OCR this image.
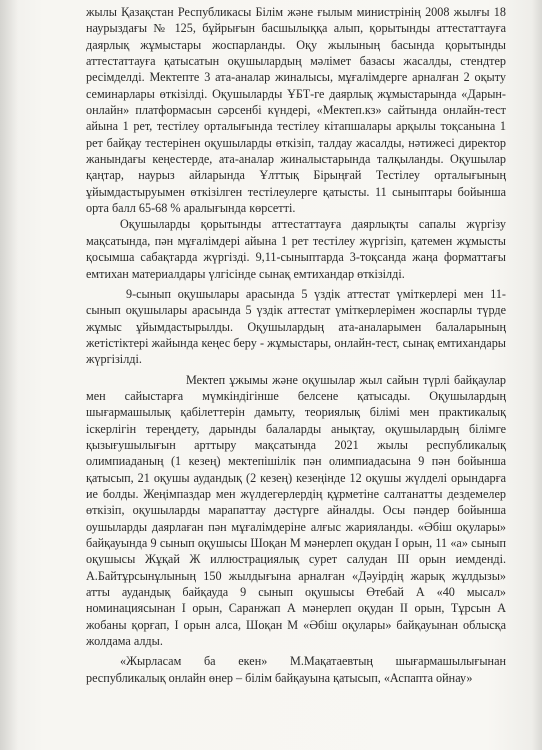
жылы Қазақстан Республикасы Білім және ғылым министрінің 2008 жылғы 18 наурыздағы № 125, бұйрығын басшылыққа алып, қорытынды аттестаттауға даярлық жұмыстары жоспарланды. Оқу жылының басында қорытынды аттестаттауға қатысатын оқушылардың мәлімет базасы жасалды, стендтер ресімделді. Мектепте 3 ата-аналар жиналысы, мұғалімдерге арналған 2 оқыту семинарлары өткізілді. Оқушыларды ҰБТ-ге даярлық жұмыстарында «Дарын-онлайн» платформасын сәрсенбі күндері, «Мектеп.кз» сайтында онлайн-тест айына 1 рет, тестілеу орталығында тестілеу кітапшалары арқылы тоқсанына 1 рет байқау тестерінен оқушыларды өткізіп, талдау жасалды, нәтижесі директор жанындағы кеңестерде, ата-аналар жиналыстарында талқыланды. Оқушылар қаңтар, наурыз айларында Ұлттық Бірыңғай Тестілеу орталығының ұйымдастыруымен өткізілген тестілеулерге қатысты. 11 сыныптары бойынша орта балл 65-68 % аралығында көрсетті.

Оқушыларды қорытынды аттестаттауға даярлықты сапалы жүргізу мақсатында, пән мұғалімдері айына 1 рет тестілеу жүргізіп, қатемен жұмысты қосымша сабақтарда жүргізді. 9,11-сыныптарда 3-тоқсанда жаңа форматтағы емтихан материалдары үлгісінде сынақ емтихандар өткізілді.

9-сынып оқушылары арасында 5 үздік аттестат үміткерлері мен 11-сынып оқушылары арасында 5 үздік аттестат үміткерлерімен жоспарлы түрде жұмыс ұйымдастырылды. Оқушылардың ата-аналарымен балаларының жетістіктері жайында кеңес беру - жұмыстары, онлайн-тест, сынақ емтихандары жүргізілді.

Мектеп ұжымы және оқушылар жыл сайын түрлі байқаулар мен сайыстарға мүмкіндігінше белсене қатысады. Оқушылардың шығармашылық қабілеттерін дамыту, теориялық білімі мен практикалық іскерлігін тереңдету, дарынды балаларды анықтау, оқушылардың білімге қызығушылығын арттыру мақсатында 2021 жылы республикалық олимпиаданың (1 кезең) мектепішілік пән олимпиадасына 9 пән бойынша қатысып, 21 оқушы аудандық (2 кезең) кезеңінде 12 оқушы жүлделі орындарға ие болды. Жеңімпаздар мен жүлдегерлердің құрметіне салтанатты дездемелер өткізіп, оқушыларды марапаттау дәстүрге айналды. Осы пәндер бойынша оушыларды даярлаған пән мұғалімдеріне алғыс жарияланды. «Әбіш оқулары» байқауында 9 сынып оқушысы Шоқан М мәнерлеп оқудан I орын, 11 «а» сынып оқушысы Жұқай Ж иллюстрациялық сурет салудан III орын иемденді. А.Байтұрсынұлының 150 жылдығына арналған «Дәуірдің жарық жұлдызы» атты аудандық байқауда 9 сынып оқушысы Өтебай А «40 мысал» номинациясынан I орын, Саранжап А мәнерлеп оқудан II орын, Тұрсын А жобаны қорғап, I орын алса, Шоқан М «Әбіш оқулары» байқауынан облысқа жолдама алды.

«Жырласам ба екен» М.Мақатаевтың шығармашылығынан республикалық онлайн өнер – білім байқауына қатысып, «Аспапта ойнау»
